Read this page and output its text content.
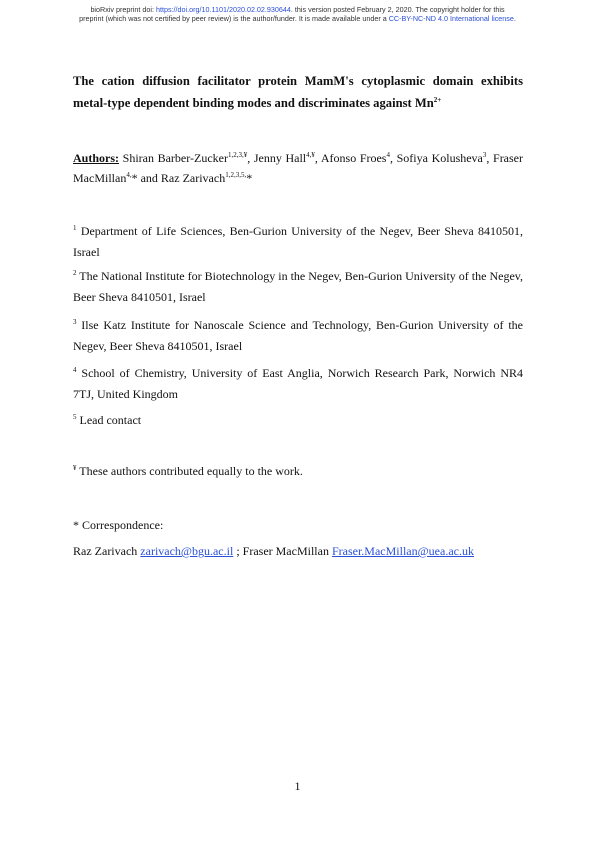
bioRxiv preprint doi: https://doi.org/10.1101/2020.02.02.930644. this version posted February 2, 2020. The copyright holder for this
preprint (which was not certified by peer review) is the author/funder. It is made available under a CC-BY-NC-ND 4.0 International license.
The cation diffusion facilitator protein MamM's cytoplasmic domain exhibits metal-type dependent binding modes and discriminates against $Mn^{2+}$
Authors: Shiran Barber-Zucker$^{1,2,3,¥}$, Jenny Hall$^{4,¥}$, Afonso Froes$^4$, Sofiya Kolusheva$^3$, Fraser MacMillan$^{4,}$* and Raz Zarivach$^{1,2,3,5,}$*
$^1$ Department of Life Sciences, Ben-Gurion University of the Negev, Beer Sheva 8410501, Israel
$^2$ The National Institute for Biotechnology in the Negev, Ben-Gurion University of the Negev, Beer Sheva 8410501, Israel
$^3$ Ilse Katz Institute for Nanoscale Science and Technology, Ben-Gurion University of the Negev, Beer Sheva 8410501, Israel
$^4$ School of Chemistry, University of East Anglia, Norwich Research Park, Norwich NR4 7TJ, United Kingdom
$^5$ Lead contact
¥ These authors contributed equally to the work.
* Correspondence:
Raz Zarivach zarivach@bgu.ac.il ; Fraser MacMillan Fraser.MacMillan@uea.ac.uk
1
